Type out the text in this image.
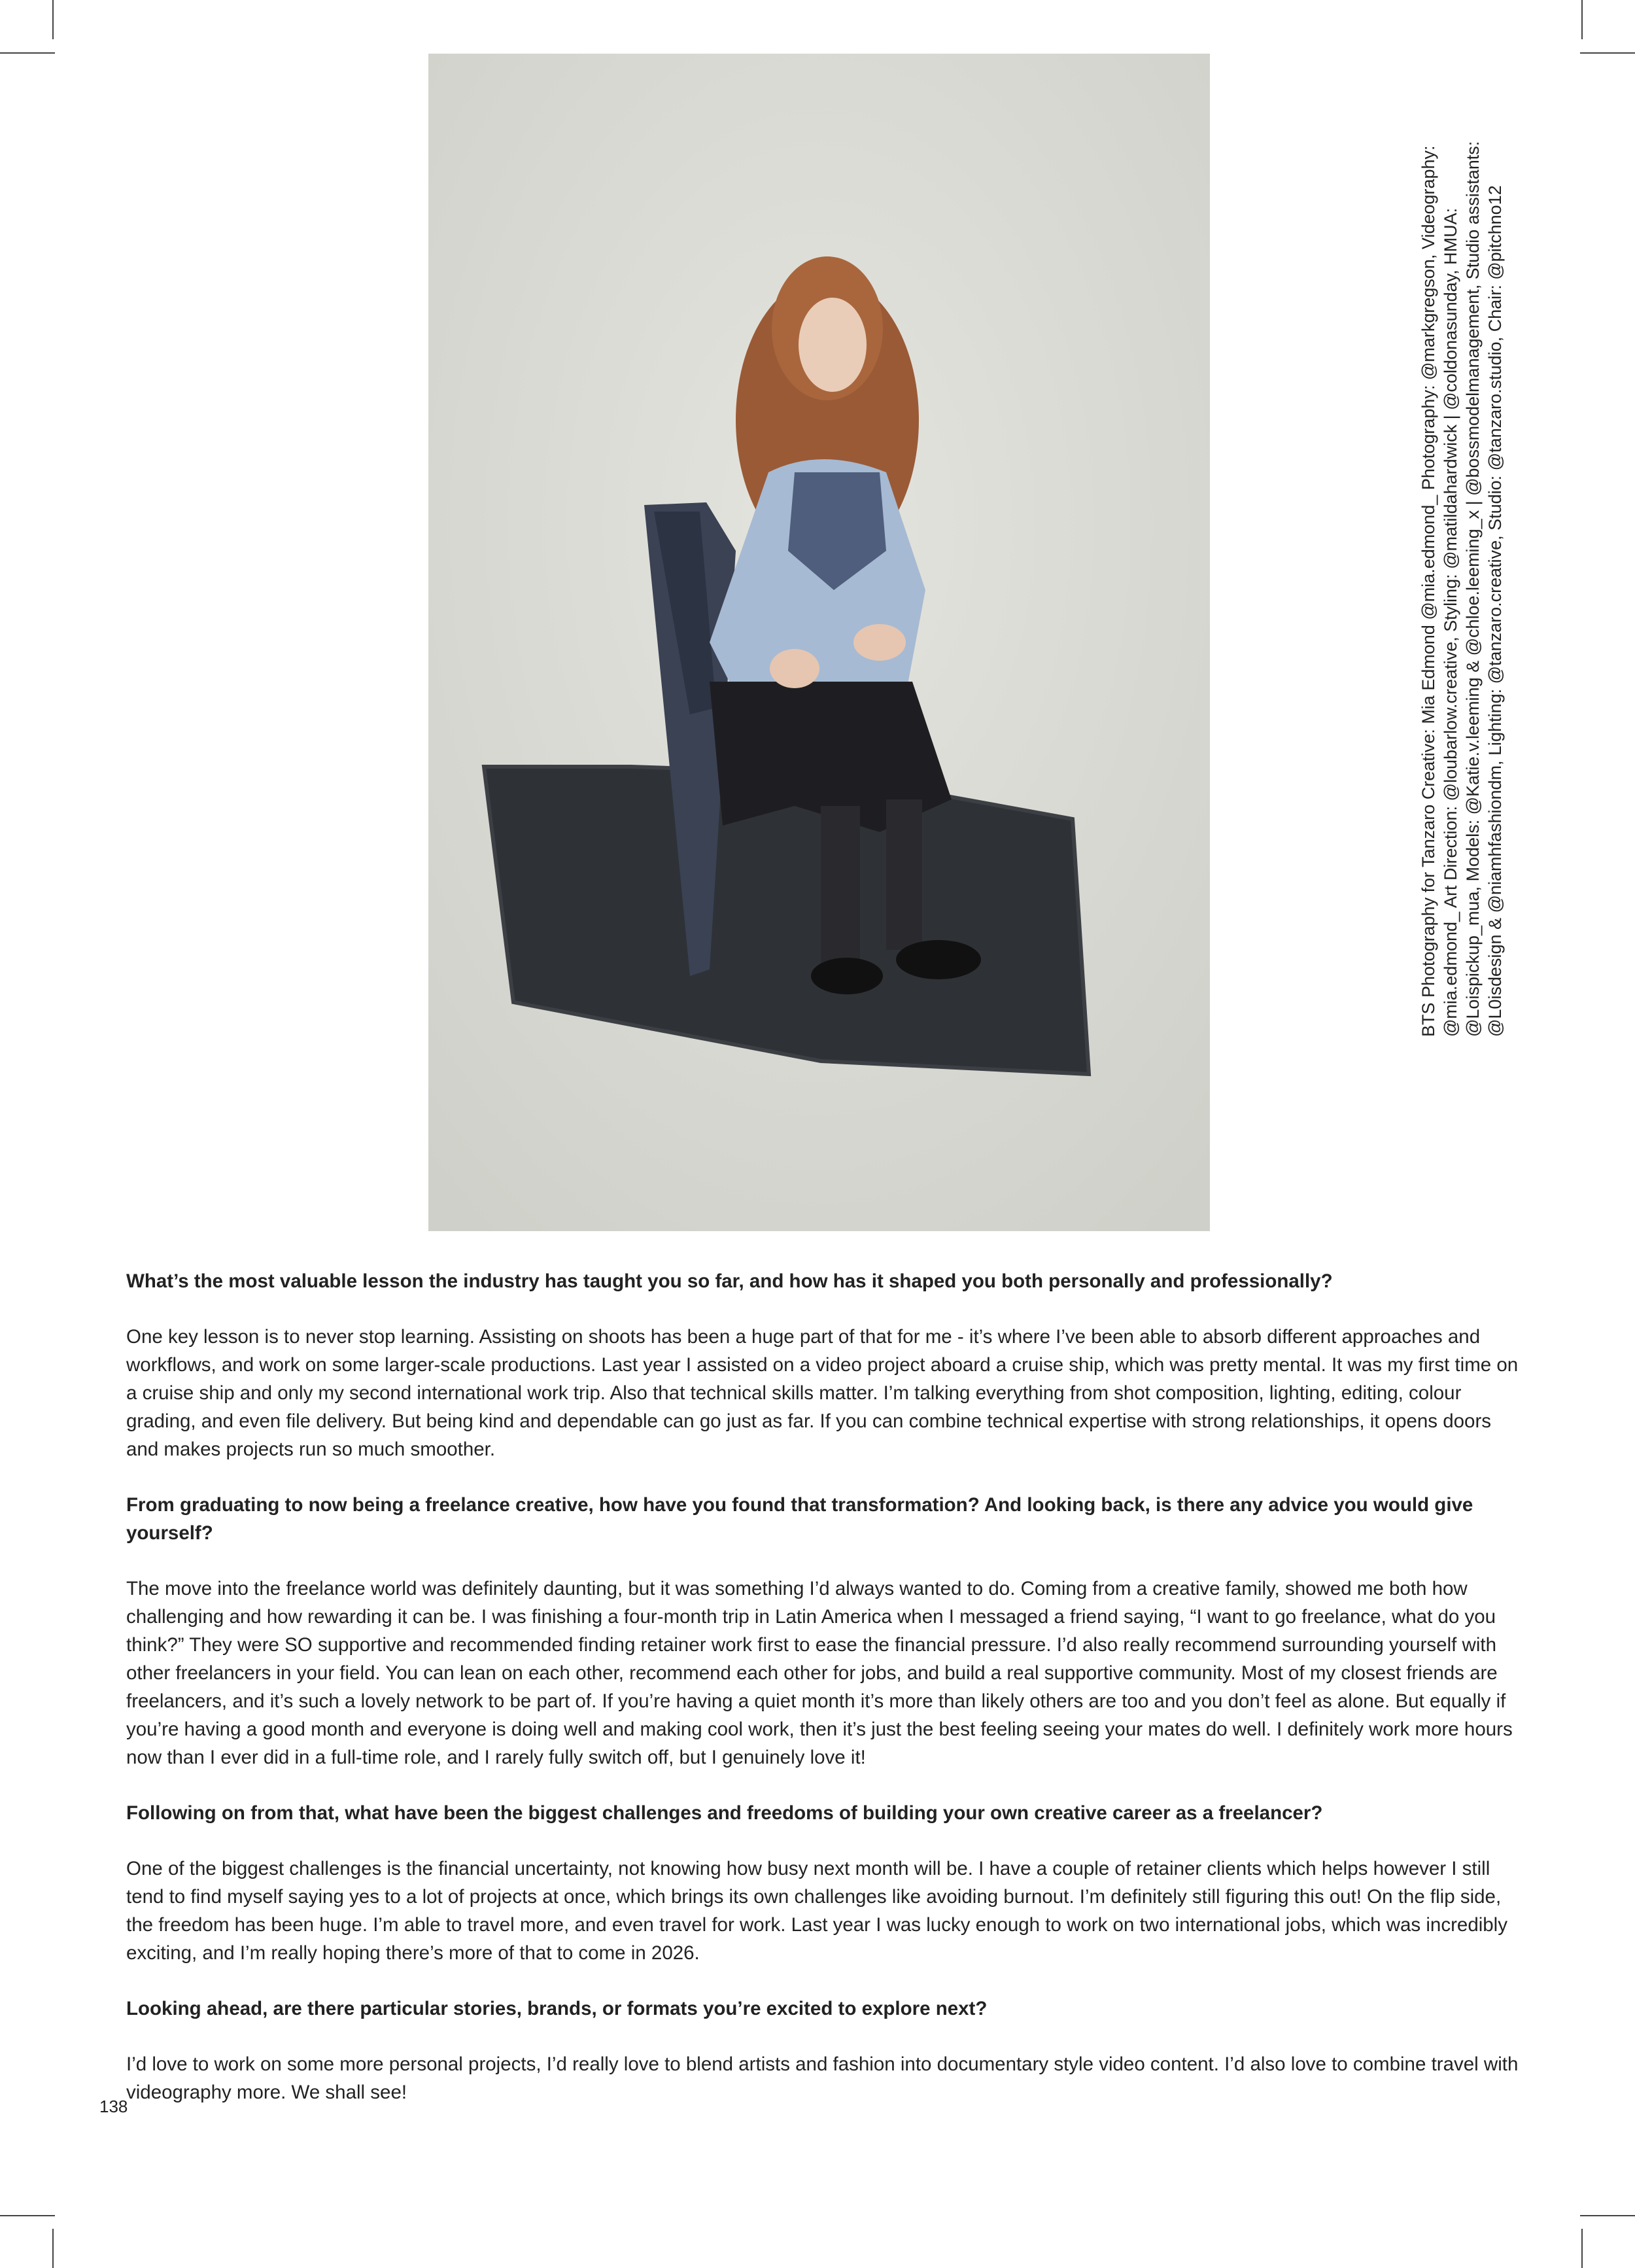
BTS Photography for Tanzaro Creative: Mia Edmond @mia.edmond_ Photography: @markgregson, Videography: @mia.edmond_ Art Direction: @loubarlow.creative, Styling: @matildahardwick | @coldonasunday, HMUA: @Loispickup_mua, Models: @Katie.v.leeming & @chloe.leeming_x | @bossmodelmanagement, Studio assistants: @L0isdesign & @niamhfashiondm, Lighting: @tanzaro.creative, Studio: @tanzaro.studio, Chair: @pitchno12

What’s the most valuable lesson the industry has taught you so far, and how has it shaped you both personally and professionally?

One key lesson is to never stop learning. Assisting on shoots has been a huge part of that for me - it’s where I’ve been able to absorb different approaches and workflows, and work on some larger-scale productions. Last year I assisted on a video project aboard a cruise ship, which was pretty mental. It was my first time on a cruise ship and only my second international work trip. Also that technical skills matter. I’m talking everything from shot composition, lighting, editing, colour grading, and even file delivery. But being kind and dependable can go just as far. If you can combine technical expertise with strong relationships, it opens doors and makes projects run so much smoother.

From graduating to now being a freelance creative, how have you found that transformation? And looking back, is there any advice you would give yourself?

The move into the freelance world was definitely daunting, but it was something I’d always wanted to do. Coming from a creative family, showed me both how challenging and how rewarding it can be. I was finishing a four-month trip in Latin America when I messaged a friend saying, “I want to go freelance, what do you think?” They were SO supportive and recommended finding retainer work first to ease the financial pressure. I’d also really recommend surrounding yourself with other freelancers in your field. You can lean on each other, recommend each other for jobs, and build a real supportive community. Most of my closest friends are freelancers, and it’s such a lovely network to be part of. If you’re having a quiet month it’s more than likely others are too and you don’t feel as alone. But equally if you’re having a good month and everyone is doing well and making cool work, then it’s just the best feeling seeing your mates do well. I definitely work more hours now than I ever did in a full-time role, and I rarely fully switch off, but I genuinely love it!

Following on from that, what have been the biggest challenges and freedoms of building your own creative career as a freelancer?

One of the biggest challenges is the financial uncertainty, not knowing how busy next month will be. I have a couple of retainer clients which helps however I still tend to find myself saying yes to a lot of projects at once, which brings its own challenges like avoiding burnout. I’m definitely still figuring this out! On the flip side, the freedom has been huge. I’m able to travel more, and even travel for work. Last year I was lucky enough to work on two international jobs, which was incredibly exciting, and I’m really hoping there’s more of that to come in 2026.

Looking ahead, are there particular stories, brands, or formats you’re excited to explore next?

I’d love to work on some more personal projects, I’d really love to blend artists and fashion into documentary style video content. I’d also love to combine travel with videography more. We shall see!

138
